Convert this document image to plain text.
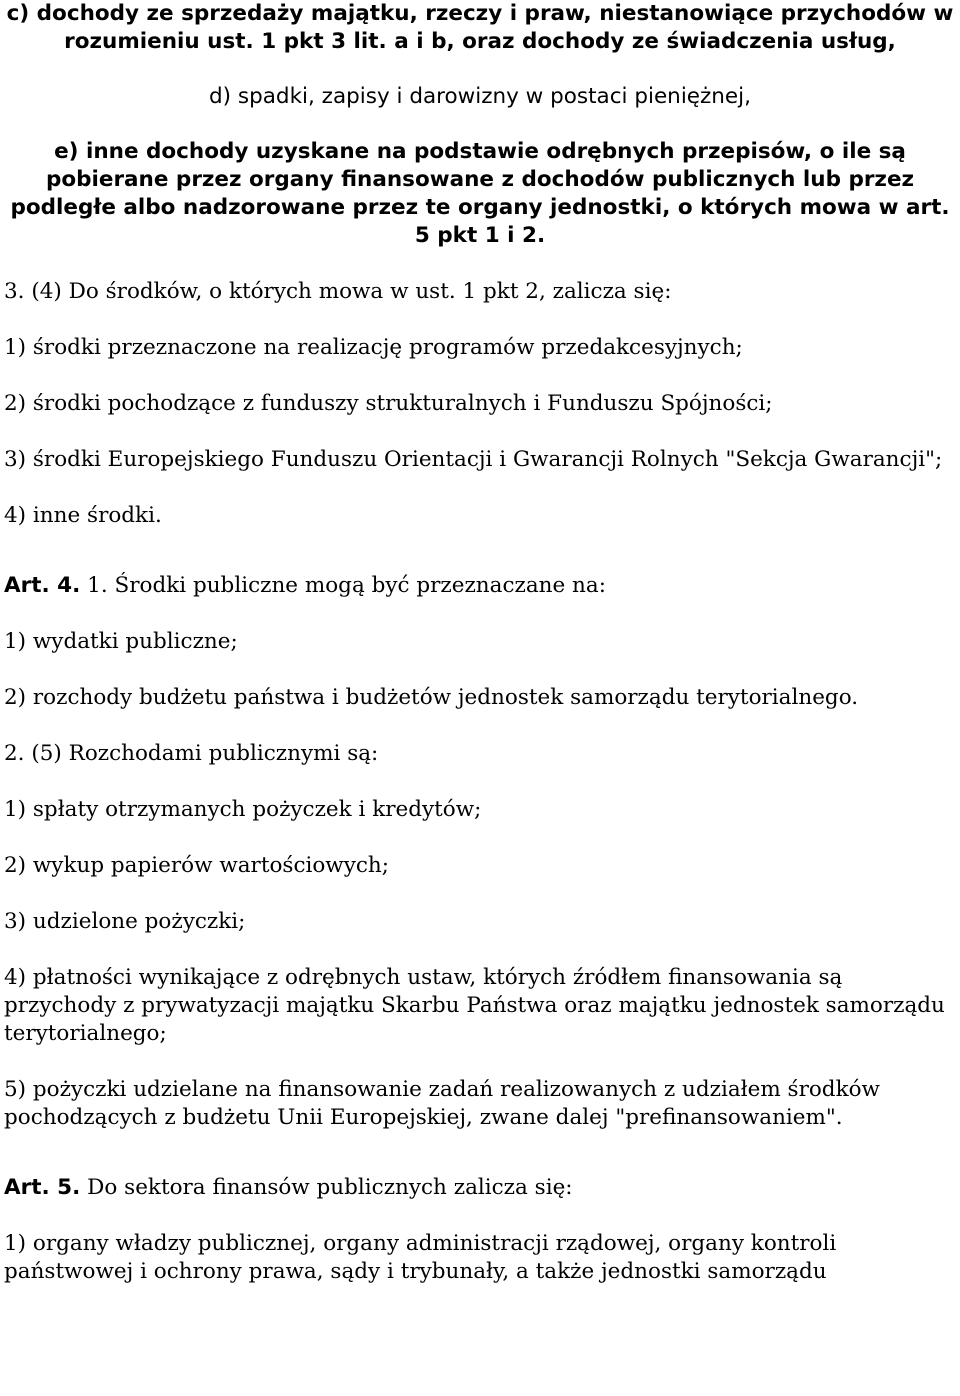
c) dochody ze sprzedaży majątku, rzeczy i praw, niestanowiące przychodów w rozumieniu ust. 1 pkt 3 lit. a i b, oraz dochody ze świadczenia usług,

d) spadki, zapisy i darowizny w postaci pieniężnej,

e) inne dochody uzyskane na podstawie odrębnych przepisów, o ile są pobierane przez organy finansowane z dochodów publicznych lub przez podległe albo nadzorowane przez te organy jednostki, o których mowa w art. 5 pkt 1 i 2.

3. (4) Do środków, o których mowa w ust. 1 pkt 2, zalicza się:

1) środki przeznaczone na realizację programów przedakcesyjnych;

2) środki pochodzące z funduszy strukturalnych i Funduszu Spójności;

3) środki Europejskiego Funduszu Orientacji i Gwarancji Rolnych "Sekcja Gwarancji";

4) inne środki.

Art. 4. 1. Środki publiczne mogą być przeznaczane na:

1) wydatki publiczne;

2) rozchody budżetu państwa i budżetów jednostek samorządu terytorialnego.

2. (5) Rozchodami publicznymi są:

1) spłaty otrzymanych pożyczek i kredytów;

2) wykup papierów wartościowych;

3) udzielone pożyczki;

4) płatności wynikające z odrębnych ustaw, których źródłem finansowania są przychody z prywatyzacji majątku Skarbu Państwa oraz majątku jednostek samorządu terytorialnego;

5) pożyczki udzielane na finansowanie zadań realizowanych z udziałem środków pochodzących z budżetu Unii Europejskiej, zwane dalej "prefinansowaniem".

Art. 5. Do sektora finansów publicznych zalicza się:

1) organy władzy publicznej, organy administracji rządowej, organy kontroli państwowej i ochrony prawa, sądy i trybunały, a także jednostki samorządu
